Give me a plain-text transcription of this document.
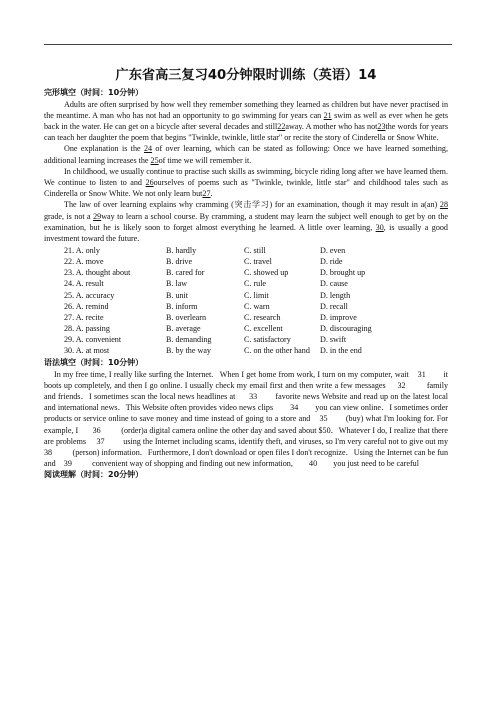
广东省高三复习40分钟限时训练（英语）14
完形填空（时间：10分钟）

Adults are often surprised by how well they remember something they learned as children but have never practised in the meantime. A man who has not had an opportunity to go swimming for years can 21 swim as well as ever when he gets back in the water. He can get on a bicycle after several decades and still22away. A mother who has not23the words for years can teach her daughter the poem that begins "Twinkle, twinkle, little star" or recite the story of Cinderella or Snow White.

One explanation is the 24 of over learning, which can be stated as following: Once we have learned something, additional learning increases the 25of time we will remember it.

In childhood, we usually continue to practise such skills as swimming, bicycle riding long after we have learned them. We continue to listen to and 26ourselves of poems such as "Twinkle, twinkle, little star" and childhood tales such as Cinderella or Snow White. We not only learn but27.

The law of over learning explains why cramming (突击学习) for an examination, though it may result in a(an) 28 grade, is not a 29way to learn a school course. By cramming, a student may learn the subject well enough to get by on the examination, but he is likely soon to forget almost everything he learned. A little over learning, 30, is usually a good investment toward the future.

21. A. only	B. hardly	C. still	D. even
22. A. move	B. drive	C. travel	D. ride
23. A. thought about	B. cared for	C. showed up	D. brought up
24. A. result	B. law	C. rule	D. cause
25. A. accuracy	B. unit	C. limit	D. length
26. A. remind	B. inform	C. warn	D. recall
27. A. recite	B. overlearn	C. research	D. improve
28. A. passing	B. average	C. excellent	D. discouraging
29. A. convenient	B. demanding	C. satisfactory	D. swift
30. A. at most	B. by the way	C. on the other hand	D. in the end
语法填空（时间：10分钟）

In my free time, I really like surfing the Internet.   When I get home from work, I turn on my computer, wait    31        it boots up completely, and then I go online. I usually check my email first and then write a few messages     32         family and friends．I sometimes scan the local news headlines at      33        favorite news Website and read up on the latest local and international news．This Website often provides video news clips        34        you can view online．I sometimes order products or service online to save money and time instead of going to a store and    35        (buy) what I'm looking for. For example, I       36          (order)a digital camera online the other day and saved about $50．Whatever I do, I realize that there are problems     37         using the Internet including scams, identify theft, and viruses, so I'm very careful not to give out my        38          (person) information．Furthermore, I don't download or open files I don't recognize．Using the Internet can be fun and    39          convenient way of shopping and finding out new information,        40        you just need to be careful

阅读理解（时间：20分钟）
